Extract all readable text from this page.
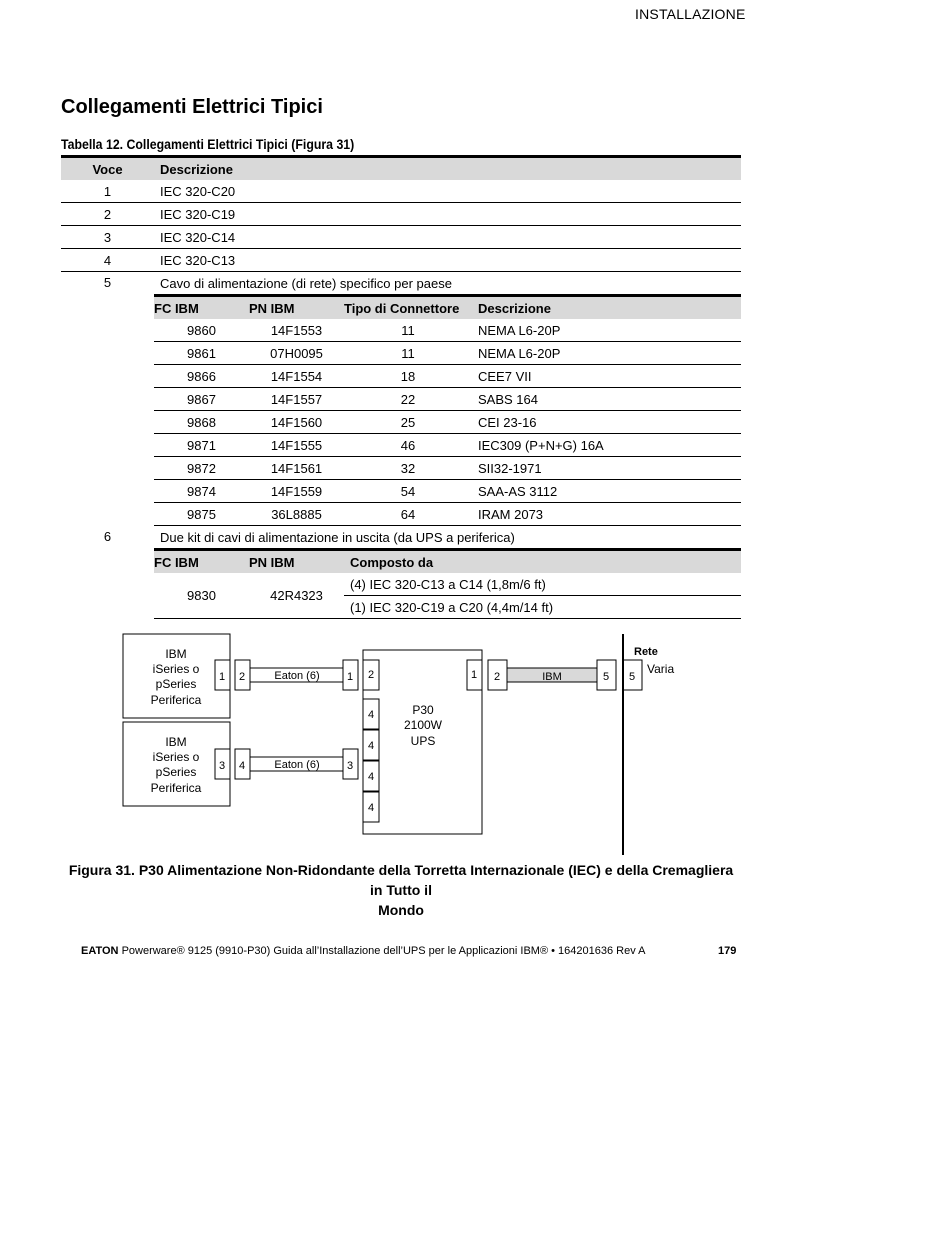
INSTALLAZIONE
Collegamenti Elettrici Tipici
Tabella 12. Collegamenti Elettrici Tipici (Figura 31)
Voce	Descrizione
1	IEC 320-C20
2	IEC 320-C19
3	IEC 320-C14
4	IEC 320-C13
5	Cavo di alimentazione (di rete) specifico per paese

FC IBM	PN IBM	Tipo di Connettore	Descrizione
9860	14F1553	11	NEMA L6-20P
9861	07H0095	11	NEMA L6-20P
9866	14F1554	18	CEE7 VII
9867	14F1557	22	SABS 164
9868	14F1560	25	CEI 23-16
9871	14F1555	46	IEC309 (P+N+G) 16A
9872	14F1561	32	SII32-1971
9874	14F1559	54	SAA-AS 3112
9875	36L8885	64	IRAM 2073

6	Due kit di cavi di alimentazione in uscita (da UPS a periferica)

FC IBM	PN IBM	Composto da
9830	42R4323	(4) IEC 320-C13 a C14 (1,8m/6 ft)
(1) IEC 320-C19 a C20 (4,4m/14 ft)
IBM
iSeries o
pSeries
Periferica
IBM
iSeries o
pSeries
Periferica
1 2	1 2
3 4	3
4
4
4
4
1 2	5 5
Eaton (6)
Eaton (6)
IBM
P30
2100W
UPS
Rete
Varia
Figura 31. P30 Alimentazione Non-Ridondante della Torretta Internazionale (IEC) e della Cremagliera in Tutto il
Mondo
EATON Powerware® 9125 (9910-P30) Guida all’Installazione dell’UPS per le Applicazioni IBM® • 164201636 Rev A	179
